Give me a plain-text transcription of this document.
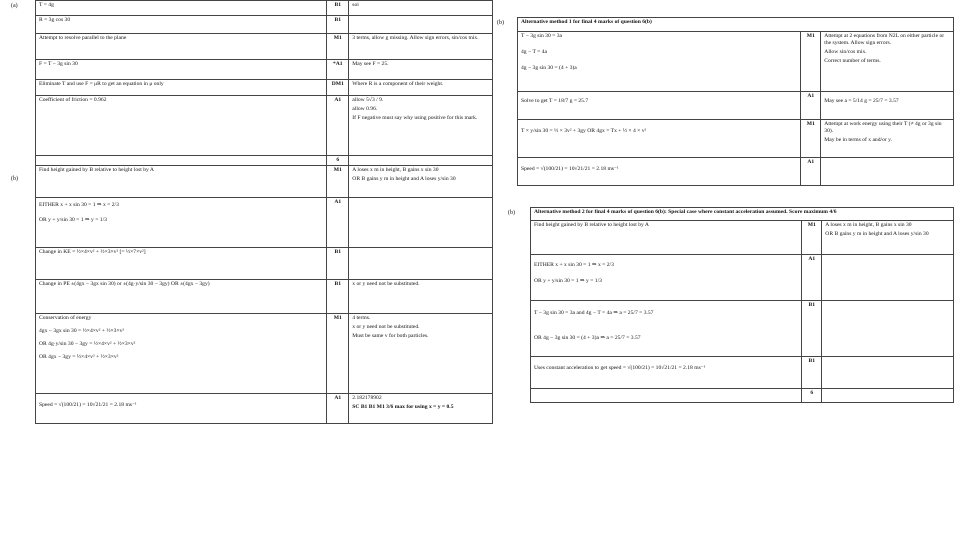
(a)
(b)
T = 4g	B1	soi
R = 3g cos 30	B1	
Attempt to resolve parallel to the plane	M1	3 terms, allow g missing. Allow sign errors, sin/cos mix.
F = T − 3g sin 30	*A1	May see F = 25.
Eliminate T and use F = μR to get an equation in μ only	DM1	Where R is a component of their weight.
Coefficient of friction = 0.962	A1	allow 5√3 / 9.
allow 0.96.
If F negative must say why using positive for this mark.

	6	
Find height gained by B relative to height lost by A	M1	A loses x m in height, B gains x sin 30
OR B gains y m in height and A loses y/sin 30

EITHER x + x sin 30 = 1 ⇒ x = 2/3
OR y + y/sin 30 = 1 ⇒ y = 1/3	A1	
Change in KE = ½×4×v² + ½×3×v² [= ½×7×v²]	B1	
Change in PE ±(4gx − 3gx sin 30) or ±(4g·y/sin 30 − 3gy) OR ±(4gx − 3gy)	B1	x or y need not be substituted.

Conservation of energy
4gx − 3gx sin 30 = ½×4×v² + ½×3×v²
OR 4g·y/sin 30 − 3gy = ½×4×v² + ½×3×v²
OR 4gx − 3gy = ½×4×v² + ½×3×v²	M1	4 terms.
x or y need not be substituted.
Must be same v for both particles.

Speed = √(100/21) = 10√21/21 = 2.18 ms⁻¹	A1	2.182178902
SC B1 B1 M1 3/6 max for using x = y = 0.5
(b)	Alternative method 1 for final 4 marks of question 6(b)		

T − 3g sin 30 = 3a
4g − T = 4a
4g − 3g sin 30 = (4 + 3)a	M1	Attempt at 2 equations from N2L on either particle or the system. Allow sign errors.
Allow sin/cos mix.
Correct number of terms.

Solve to get T = 18/7 g = 25.7	A1	May see a = 5/14 g = 25/7 = 3.57
T × y/sin 30 = ½ × 3v² + 3gy OR 4gx = Tx + ½ × 4 × v²	M1	Attempt at work energy using their T (≠ 4g or 3g sin 30).
May be in terms of x and/or y.

Speed = √(100/21) = 10√21/21 = 2.18 ms⁻¹	A1	
(b)	Alternative method 2 for final 4 marks of question 6(b): Special case where constant acceleration assumed. Score maximum 4/6		
Find height gained by B relative to height lost by A	M1	A loses x m in height, B gains x sin 30
OR B gains y m in height and A loses y/sin 30

EITHER x + x sin 30 = 1 ⇒ x = 2/3
OR y + y/sin 30 = 1 ⇒ y = 1/3	A1	

T − 3g sin 30 = 3a and 4g − T = 4a ⇒ a = 25/7 = 3.57
OR 4g − 3g sin 30 = (4 + 3)a ⇒ a = 25/7 = 3.57	B1	
Uses constant acceleration to get speed = √(100/21) = 10√21/21 = 2.18 ms⁻¹	B1	
	6	
